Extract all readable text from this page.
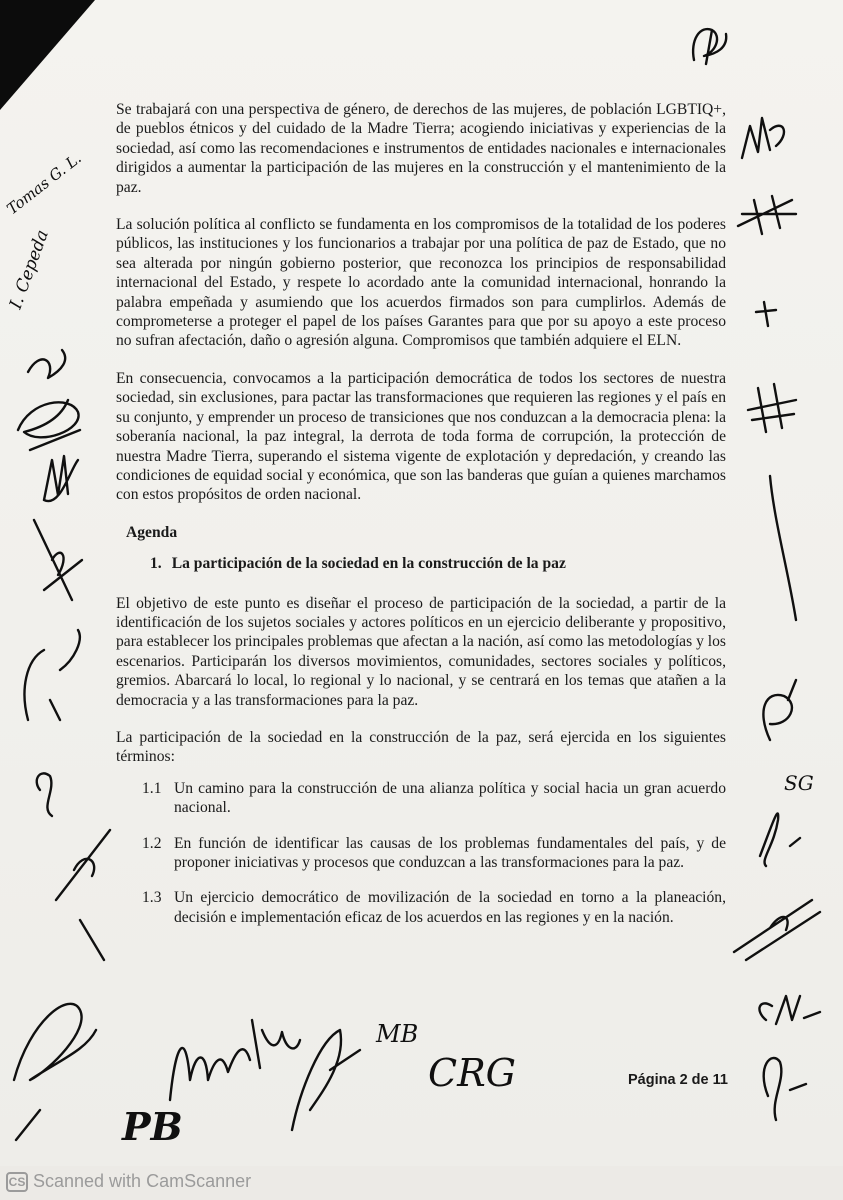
Se trabajará con una perspectiva de género, de derechos de las mujeres, de población LGBTIQ+, de pueblos étnicos y del cuidado de la Madre Tierra; acogiendo iniciativas y experiencias de la sociedad, así como las recomendaciones e instrumentos de entidades nacionales e internacionales dirigidos a aumentar la participación de las mujeres en la construcción y el mantenimiento de la paz.

La solución política al conflicto se fundamenta en los compromisos de la totalidad de los poderes públicos, las instituciones y los funcionarios a trabajar por una política de paz de Estado, que no sea alterada por ningún gobierno posterior, que reconozca los principios de responsabilidad internacional del Estado, y respete lo acordado ante la comunidad internacional, honrando la palabra empeñada y asumiendo que los acuerdos firmados son para cumplirlos. Además de comprometerse a proteger el papel de los países Garantes para que por su apoyo a este proceso no sufran afectación, daño o agresión alguna. Compromisos que también adquiere el ELN.

En consecuencia, convocamos a la participación democrática de todos los sectores de nuestra sociedad, sin exclusiones, para pactar las transformaciones que requieren las regiones y el país en su conjunto, y emprender un proceso de transiciones que nos conduzcan a la democracia plena: la soberanía nacional, la paz integral, la derrota de toda forma de corrupción, la protección de nuestra Madre Tierra, superando el sistema vigente de explotación y depredación, y creando las condiciones de equidad social y económica, que son las banderas que guían a quienes marchamos con estos propósitos de orden nacional.

Agenda
1. La participación de la sociedad en la construcción de la paz

El objetivo de este punto es diseñar el proceso de participación de la sociedad, a partir de la identificación de los sujetos sociales y actores políticos en un ejercicio deliberante y propositivo, para establecer los principales problemas que afectan a la nación, así como las metodologías y los escenarios. Participarán los diversos movimientos, comunidades, sectores sociales y políticos, gremios. Abarcará lo local, lo regional y lo nacional, y se centrará en los temas que atañen a la democracia y a las transformaciones para la paz.

La participación de la sociedad en la construcción de la paz, será ejercida en los siguientes términos:

1.1 Un camino para la construcción de una alianza política y social hacia un gran acuerdo nacional.
1.2 En función de identificar las causas de los problemas fundamentales del país, y de proponer iniciativas y procesos que conduzcan a las transformaciones para la paz.
1.3 Un ejercicio democrático de movilización de la sociedad en torno a la planeación, decisión e implementación eficaz de los acuerdos en las regiones y en la nación.
Página 2 de 11
Tomas G. L.
I. Cepeda
PB
MB
CRG
SG
CS Scanned with CamScanner
